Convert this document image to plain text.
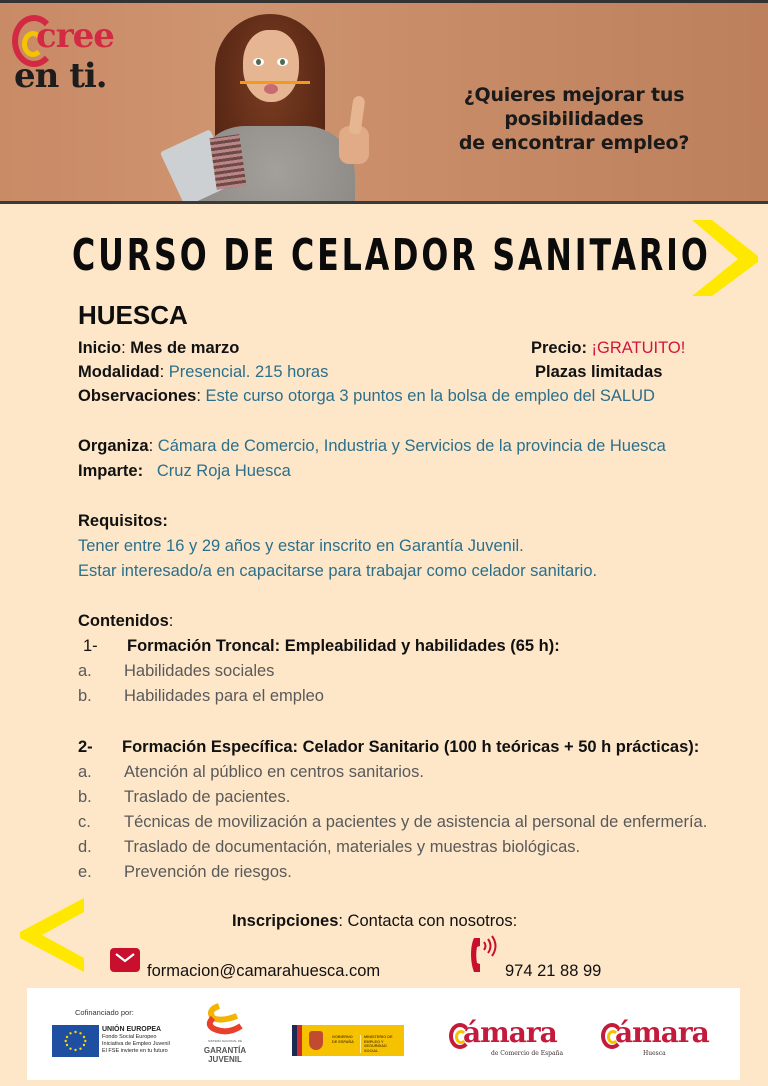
cree
en ti.	¿Quieres mejorar tus posibilidades
de encontrar empleo?
CURSO DE CELADOR SANITARIO
HUESCA
Inicio: Mes de marzo	Precio: ¡GRATUITO!
Modalidad: Presencial. 215 horas	Plazas limitadas
Observaciones: Este curso otorga 3 puntos en la bolsa de empleo del SALUD
Organiza: Cámara de Comercio, Industria y Servicios de la provincia de Huesca
Imparte: Cruz Roja Huesca
Requisitos:
Tener entre 16 y 29 años y estar inscrito en Garantía Juvenil.
Estar interesado/a en capacitarse para trabajar como celador sanitario.
Contenidos:
1- Formación Troncal: Empleabilidad y habilidades (65 h):
a. Habilidades sociales
b. Habilidades para el empleo
2- Formación Específica: Celador Sanitario (100 h teóricas + 50 h prácticas):
a. Atención al público en centros sanitarios.
b. Traslado de pacientes.
c. Técnicas de movilización a pacientes y de asistencia al personal de enfermería.
d. Traslado de documentación, materiales y muestras biológicas.
e. Prevención de riesgos.
Inscripciones: Contacta con nosotros:
formacion@camarahuesca.com	974 21 88 99
Cofinanciado por:
UNIÓN EUROPEA
Fondo Social Europeo
Iniciativa de Empleo Juvenil
El FSE invierte en tu futuro
SISTEMA NACIONAL DE
GARANTÍA
JUVENIL
GOBIERNO DE ESPAÑA
MINISTERIO DE EMPLEO Y SEGURIDAD SOCIAL
ámara
de Comercio de España
ámara
Huesca
